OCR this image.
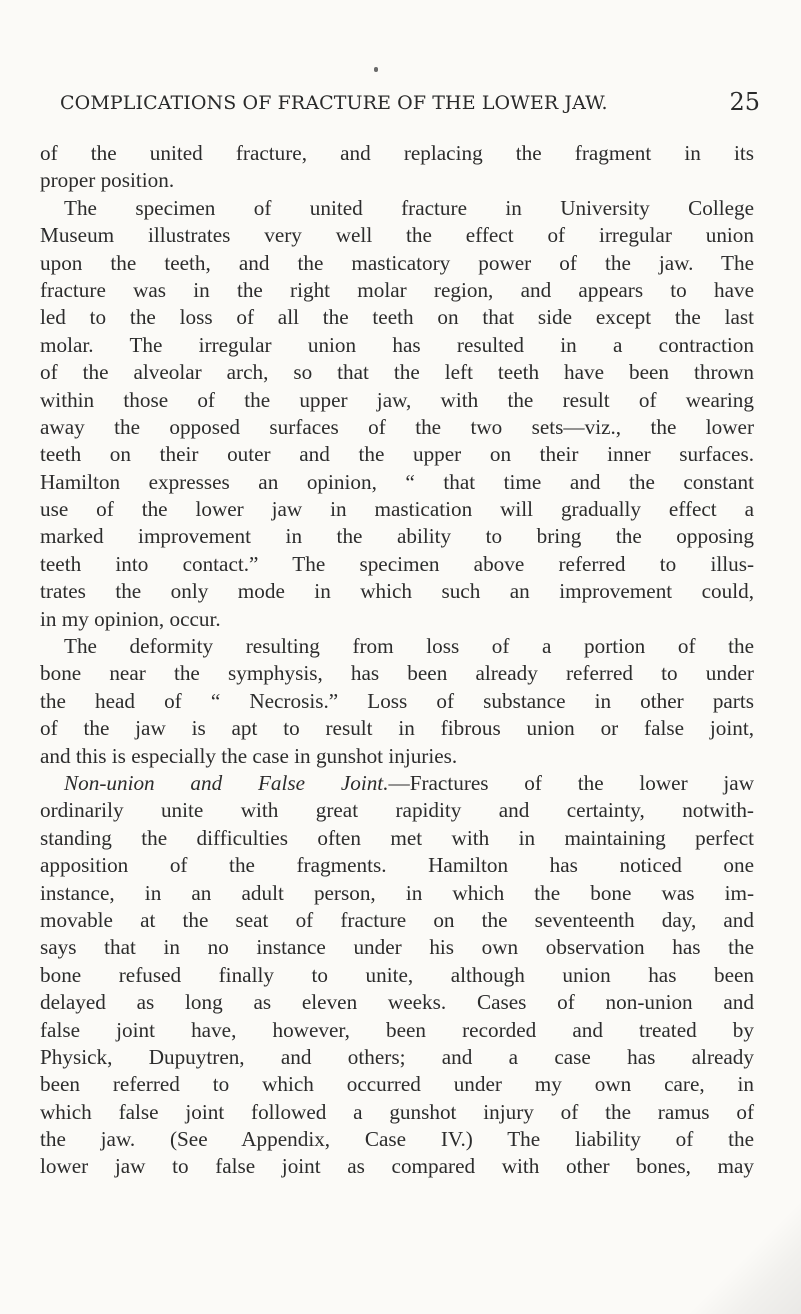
COMPLICATIONS OF FRACTURE OF THE LOWER JAW.	25
of the united fracture, and replacing the fragment in its
proper position.
The specimen of united fracture in University College
Museum illustrates very well the effect of irregular union
upon the teeth, and the masticatory power of the jaw. The
fracture was in the right molar region, and appears to have
led to the loss of all the teeth on that side except the last
molar. The irregular union has resulted in a contraction
of the alveolar arch, so that the left teeth have been thrown
within those of the upper jaw, with the result of wearing
away the opposed surfaces of the two sets—viz., the lower
teeth on their outer and the upper on their inner surfaces.
Hamilton expresses an opinion, “ that time and the constant
use of the lower jaw in mastication will gradually effect a
marked improvement in the ability to bring the opposing
teeth into contact.” The specimen above referred to illus-
trates the only mode in which such an improvement could,
in my opinion, occur.
The deformity resulting from loss of a portion of the
bone near the symphysis, has been already referred to under
the head of “ Necrosis.” Loss of substance in other parts
of the jaw is apt to result in fibrous union or false joint,
and this is especially the case in gunshot injuries.
Non-union and False Joint.—Fractures of the lower jaw
ordinarily unite with great rapidity and certainty, notwith-
standing the difficulties often met with in maintaining perfect
apposition of the fragments. Hamilton has noticed one
instance, in an adult person, in which the bone was im-
movable at the seat of fracture on the seventeenth day, and
says that in no instance under his own observation has the
bone refused finally to unite, although union has been
delayed as long as eleven weeks. Cases of non-union and
false joint have, however, been recorded and treated by
Physick, Dupuytren, and others; and a case has already
been referred to which occurred under my own care, in
which false joint followed a gunshot injury of the ramus of
the jaw. (See Appendix, Case IV.) The liability of the
lower jaw to false joint as compared with other bones, may
